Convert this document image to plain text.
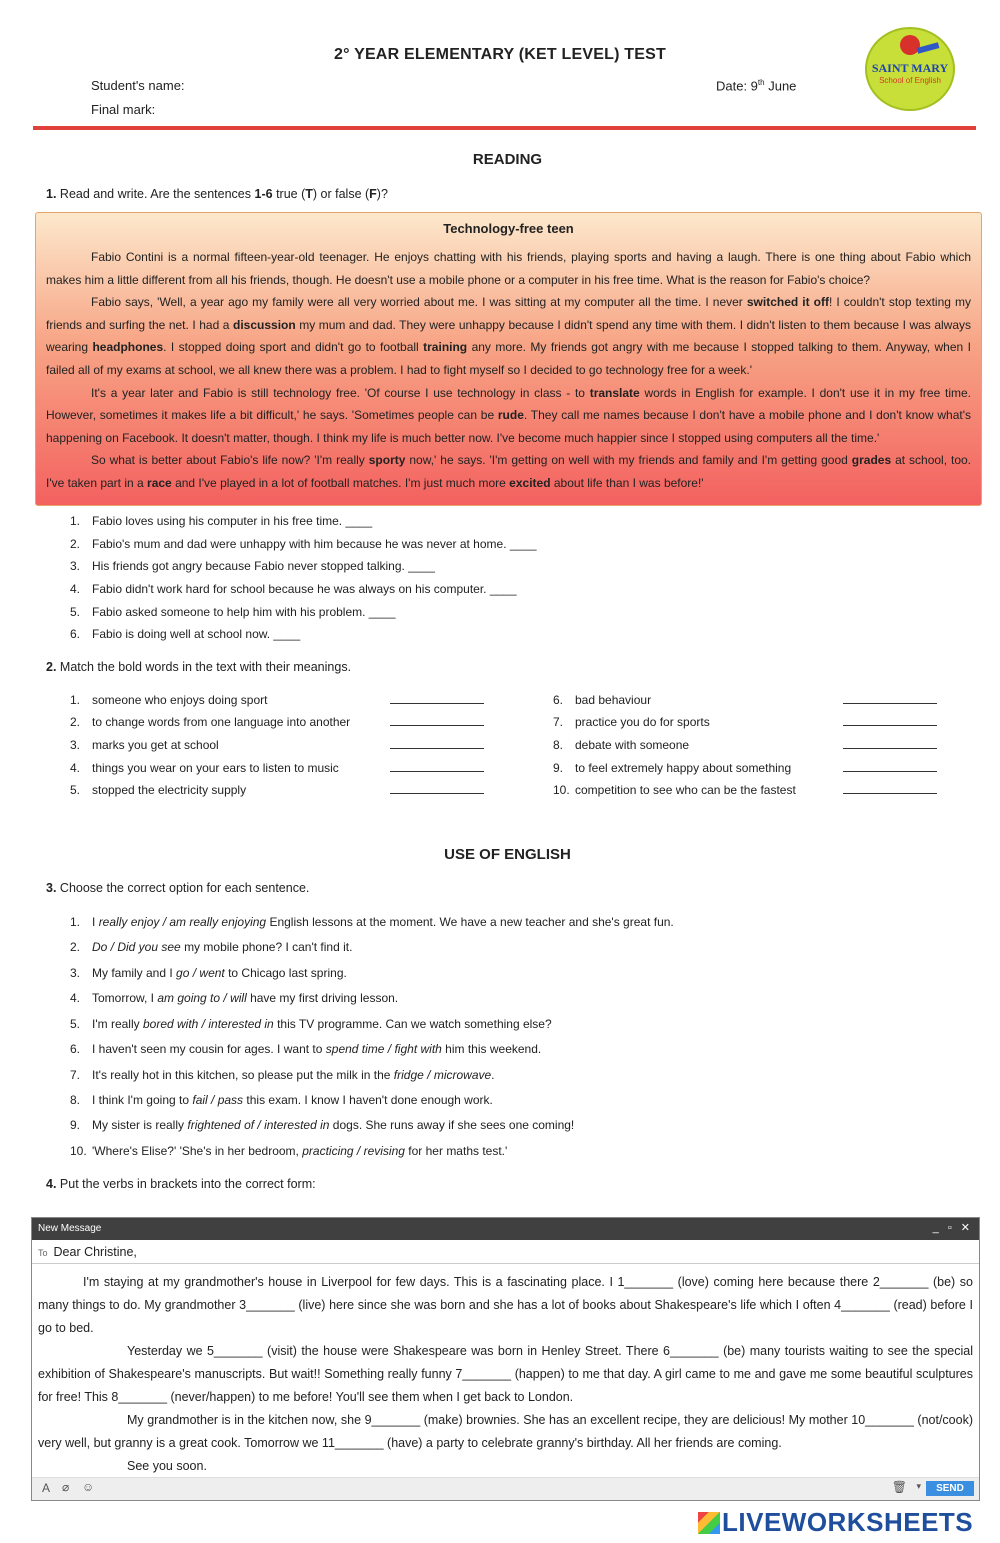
2° YEAR ELEMENTARY (KET LEVEL) TEST
Student's name:
Final mark:
Date: 9th June
SAINT MARY
School of English
READING
1. Read and write. Are the sentences 1-6 true (T) or false (F)?
Technology-free teen

Fabio Contini is a normal fifteen-year-old teenager. He enjoys chatting with his friends, playing sports and having a laugh. There is one thing about Fabio which makes him a little different from all his friends, though. He doesn't use a mobile phone or a computer in his free time. What is the reason for Fabio's choice?

Fabio says, 'Well, a year ago my family were all very worried about me. I was sitting at my computer all the time. I never switched it off! I couldn't stop texting my friends and surfing the net. I had a discussion my mum and dad. They were unhappy because I didn't spend any time with them. I didn't listen to them because I was always wearing headphones. I stopped doing sport and didn't go to football training any more. My friends got angry with me because I stopped talking to them. Anyway, when I failed all of my exams at school, we all knew there was a problem. I had to fight myself so I decided to go technology free for a week.'

It's a year later and Fabio is still technology free. 'Of course I use technology in class - to translate words in English for example. I don't use it in my free time. However, sometimes it makes life a bit difficult,' he says. 'Sometimes people can be rude. They call me names because I don't have a mobile phone and I don't know what's happening on Facebook. It doesn't matter, though. I think my life is much better now. I've become much happier since I stopped using computers all the time.'

So what is better about Fabio's life now? 'I'm really sporty now,' he says. 'I'm getting on well with my friends and family and I'm getting good grades at school, too. I've taken part in a race and I've played in a lot of football matches. I'm just much more excited about life than I was before!'

1. Fabio loves using his computer in his free time. ____
2. Fabio's mum and dad were unhappy with him because he was never at home. ____
3. His friends got angry because Fabio never stopped talking. ____
4. Fabio didn't work hard for school because he was always on his computer. ____
5. Fabio asked someone to help him with his problem. ____
6. Fabio is doing well at school now. ____
2. Match the bold words in the text with their meanings.
1. someone who enjoys doing sport
2. to change words from one language into another
3. marks you get at school
4. things you wear on your ears to listen to music
5. stopped the electricity supply
6. bad behaviour
7. practice you do for sports
8. debate with someone
9. to feel extremely happy about something
10. competition to see who can be the fastest
USE OF ENGLISH
3. Choose the correct option for each sentence.
1. I really enjoy / am really enjoying English lessons at the moment. We have a new teacher and she's great fun.
2. Do / Did you see my mobile phone? I can't find it.
3. My family and I go / went to Chicago last spring.
4. Tomorrow, I am going to / will have my first driving lesson.
5. I'm really bored with / interested in this TV programme. Can we watch something else?
6. I haven't seen my cousin for ages. I want to spend time / fight with him this weekend.
7. It's really hot in this kitchen, so please put the milk in the fridge / microwave.
8. I think I'm going to fail / pass this exam. I know I haven't done enough work.
9. My sister is really frightened of / interested in dogs. She runs away if she sees one coming!
10. 'Where's Elise?' 'She's in her bedroom, practicing / revising for her maths test.'
4. Put the verbs in brackets into the correct form:
New Message	_ ▫ ✕
To Dear Christine,

I'm staying at my grandmother's house in Liverpool for few days. This is a fascinating place. I 1_______ (love) coming here because there 2_______ (be) so many things to do. My grandmother 3_______ (live) here since she was born and she has a lot of books about Shakespeare's life which I often 4_______ (read) before I go to bed.

Yesterday we 5_______ (visit) the house were Shakespeare was born in Henley Street. There 6_______ (be) many tourists waiting to see the special exhibition of Shakespeare's manuscripts. But wait!! Something really funny 7_______ (happen) to me that day. A girl came to me and gave me some beautiful sculptures for free! This 8_______ (never/happen) to me before! You'll see them when I get back to London.

My grandmother is in the kitchen now, she 9_______ (make) brownies. She has an excellent recipe, they are delicious! My mother 10_______ (not/cook) very well, but granny is a great cook. Tomorrow we 11_______ (have) a party to celebrate granny's birthday. All her friends are coming.

See you soon.

A ⌀ ☺	🗑 ▾	SEND
LIVEWORKSHEETS
